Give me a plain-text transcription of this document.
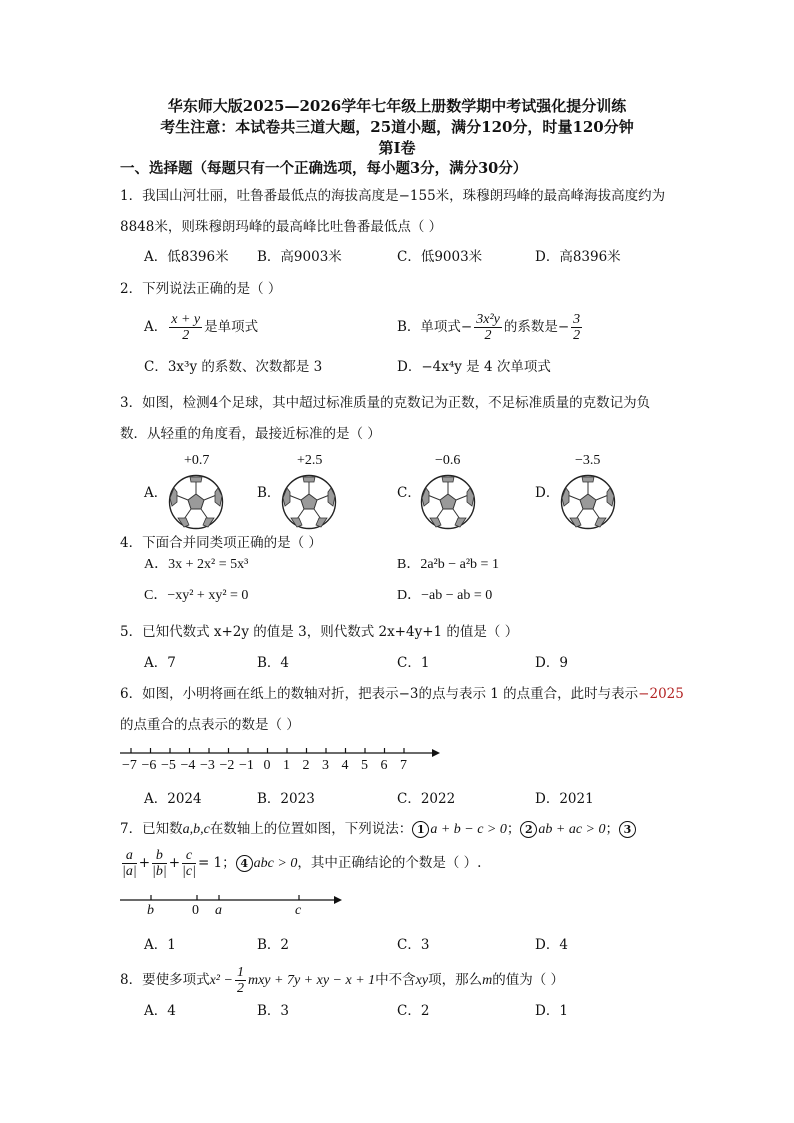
华东师大版2025—2026学年七年级上册数学期中考试强化提分训练
考生注意：本试卷共三道大题，25道小题，满分120分，时量120分钟
第Ⅰ卷
一、选择题（每题只有一个正确选项，每小题3分，满分30分）
1．我国山河壮丽，吐鲁番最低点的海拔高度是−155米，珠穆朗玛峰的最高峰海拔高度约为
8848米，则珠穆朗玛峰的最高峰比吐鲁番最低点（ ）
A．低8396米 B．高9003米	C．低9003米	D．高8396米
2．下列说法正确的是（ ）
A． $\frac{x + y}{2}$ 是单项式	B．单项式− $\frac{\text{3x²y}}{2}$ 的系数是− $\frac{3}{2}$
C．3x³y 的系数、次数都是 3	D．−4x⁴y 是 4 次单项式
3．如图，检测4个足球，其中超过标准质量的克数记为正数，不足标准质量的克数记为负
数．从轻重的角度看，最接近标准的是（ ）
+0.7	+2.5	−0.6	−3.5
A．	B．	C．	D．
4．下面合并同类项正确的是（ ）
A．3x + 2x² = 5x³	B．2a²b − a²b = 1
C．−xy² + xy² = 0	D．−ab − ab = 0
5．已知代数式 x+2y 的值是 3，则代数式 2x+4y+1 的值是（ ）
A．7	B．4	C．1	D．9
6．如图，小明将画在纸上的数轴对折，把表示−3的点与表示 1 的点重合，此时与表示−2025
的点重合的点表示的数是（ ）
−7 −6 −5 −4 −3 −2 −1 0 1 2 3 4 5 6 7
A．2024	B．2023	C．2022	D．2021
7．已知数a,b,c在数轴上的位置如图，下列说法： 1 a + b − c > 0； 2 ab + ac > 0； 3
$\frac{a}{|a|} + \frac{b}{|b|} + \frac{c}{|c|} = 1$； 4 abc > 0，其中正确结论的个数是（ ）.
b	0 a	c
A．1	B．2	C．3	D．4
8．要使多项式$x^2 - \frac{1}{2}$ mxy + 7y + xy − x + 1中不含xy项，那么m的值为（ ）
A．4	B．3	C．2	D．1
